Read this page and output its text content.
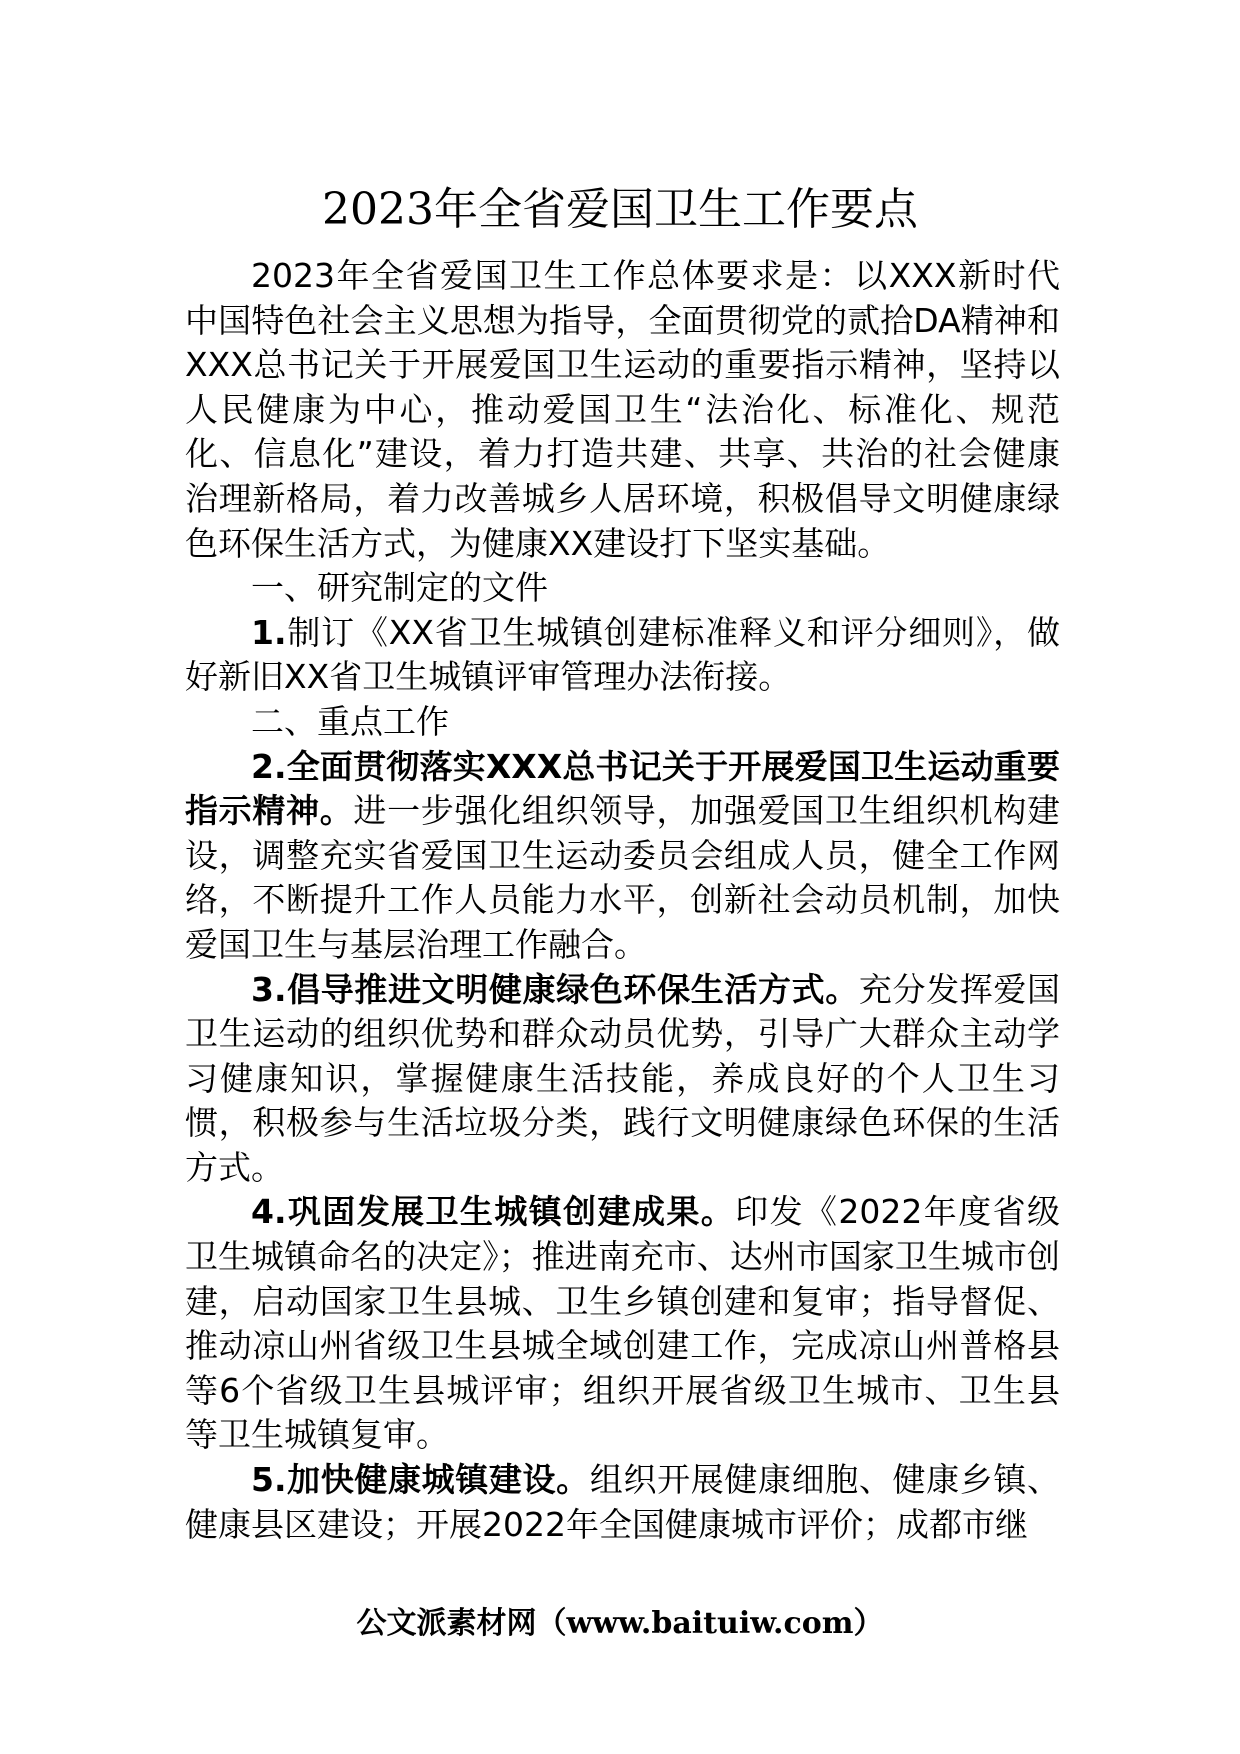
2023年全省爱国卫生工作要点

2023年全省爱国卫生工作总体要求是：以XXX新时代中国特色社会主义思想为指导，全面贯彻党的贰拾DA精神和XXX总书记关于开展爱国卫生运动的重要指示精神，坚持以人民健康为中心，推动爱国卫生“法治化、标准化、规范化、信息化”建设，着力打造共建、共享、共治的社会健康治理新格局，着力改善城乡人居环境，积极倡导文明健康绿色环保生活方式，为健康XX建设打下坚实基础。

一、研究制定的文件

1.制订《XX省卫生城镇创建标准释义和评分细则》，做好新旧XX省卫生城镇评审管理办法衔接。

二、重点工作

2.全面贯彻落实XXX总书记关于开展爱国卫生运动重要指示精神。进一步强化组织领导，加强爱国卫生组织机构建设，调整充实省爱国卫生运动委员会组成人员，健全工作网络，不断提升工作人员能力水平，创新社会动员机制，加快爱国卫生与基层治理工作融合。

3.倡导推进文明健康绿色环保生活方式。充分发挥爱国卫生运动的组织优势和群众动员优势，引导广大群众主动学习健康知识，掌握健康生活技能，养成良好的个人卫生习惯，积极参与生活垃圾分类，践行文明健康绿色环保的生活方式。

4.巩固发展卫生城镇创建成果。印发《2022年度省级卫生城镇命名的决定》；推进南充市、达州市国家卫生城市创建，启动国家卫生县城、卫生乡镇创建和复审；指导督促、推动凉山州省级卫生县城全域创建工作，完成凉山州普格县等6个省级卫生县城评审；组织开展省级卫生城市、卫生县等卫生城镇复审。

5.加快健康城镇建设。组织开展健康细胞、健康乡镇、健康县区建设；开展2022年全国健康城市评价；成都市继

公文派素材网（www.baituiw.com）
